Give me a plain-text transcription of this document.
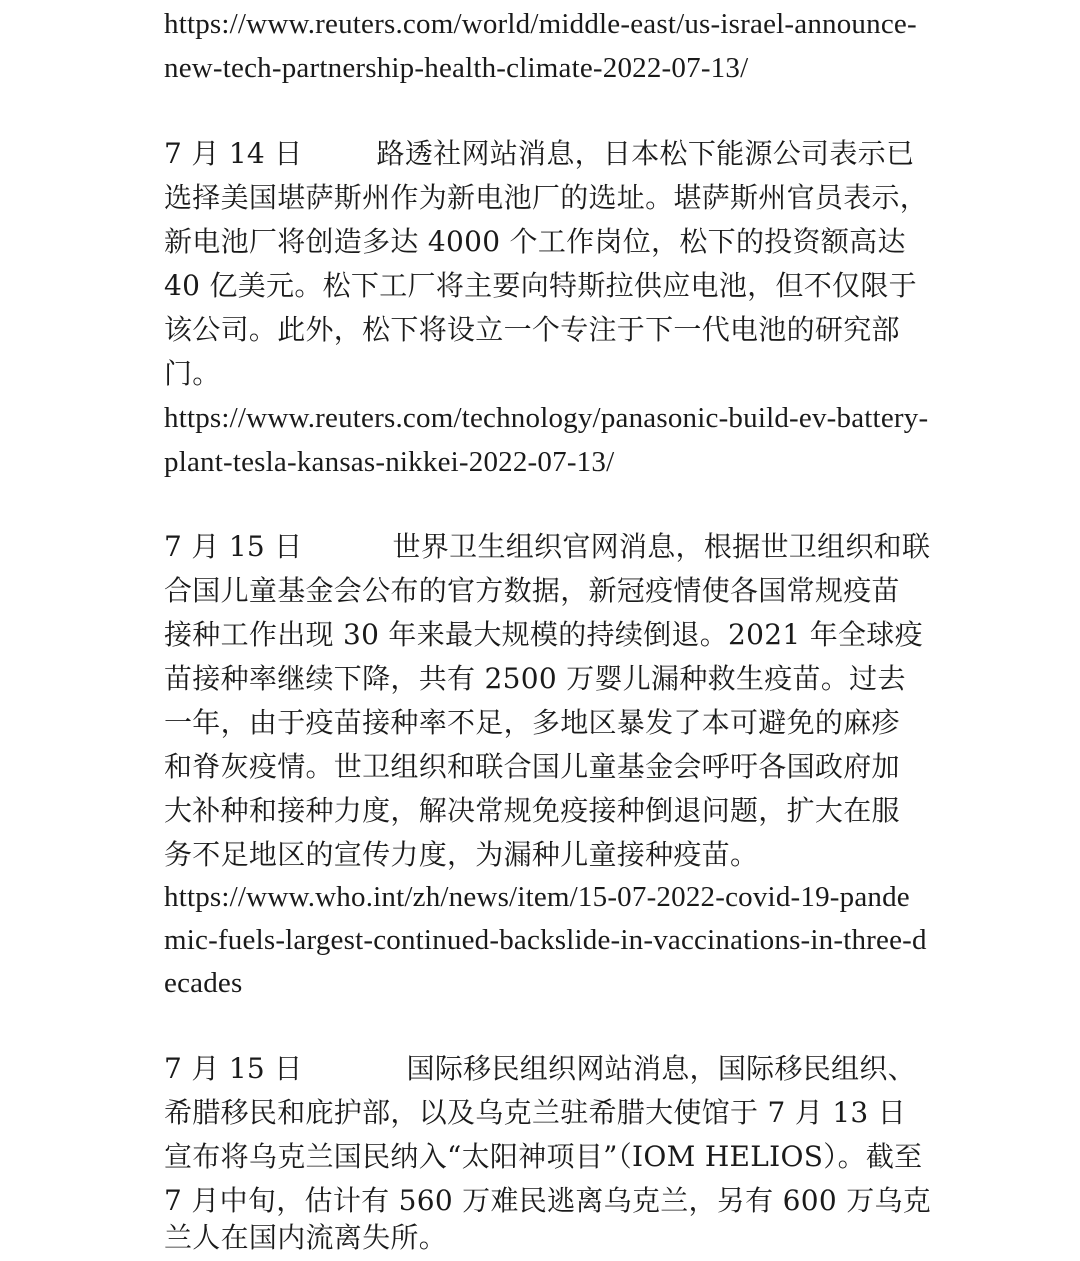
https://www.reuters.com/world/middle-east/us-israel-announce-
new-tech-partnership-health-climate-2022-07-13/
7 月 14 日	路透社网站消息，日本松下能源公司表示已
选择美国堪萨斯州作为新电池厂的选址。堪萨斯州官员表示，
新电池厂将创造多达 4000 个工作岗位，松下的投资额高达
40 亿美元。松下工厂将主要向特斯拉供应电池，但不仅限于
该公司。此外，松下将设立一个专注于下一代电池的研究部
门。
https://www.reuters.com/technology/panasonic-build-ev-battery-
plant-tesla-kansas-nikkei-2022-07-13/
7 月 15 日	世界卫生组织官网消息，根据世卫组织和联
合国儿童基金会公布的官方数据，新冠疫情使各国常规疫苗
接种工作出现 30 年来最大规模的持续倒退。2021 年全球疫
苗接种率继续下降，共有 2500 万婴儿漏种救生疫苗。过去
一年，由于疫苗接种率不足，多地区暴发了本可避免的麻疹
和脊灰疫情。世卫组织和联合国儿童基金会呼吁各国政府加
大补种和接种力度，解决常规免疫接种倒退问题，扩大在服
务不足地区的宣传力度，为漏种儿童接种疫苗。
https://www.who.int/zh/news/item/15-07-2022-covid-19-pande
mic-fuels-largest-continued-backslide-in-vaccinations-in-three-d
ecades
7 月 15 日	国际移民组织网站消息，国际移民组织、
希腊移民和庇护部，以及乌克兰驻希腊大使馆于 7 月 13 日
宣布将乌克兰国民纳入“太阳神项目”（IOM HELIOS）。截至
7 月中旬，估计有 560 万难民逃离乌克兰，另有 600 万乌克
兰人在国内流离失所。
